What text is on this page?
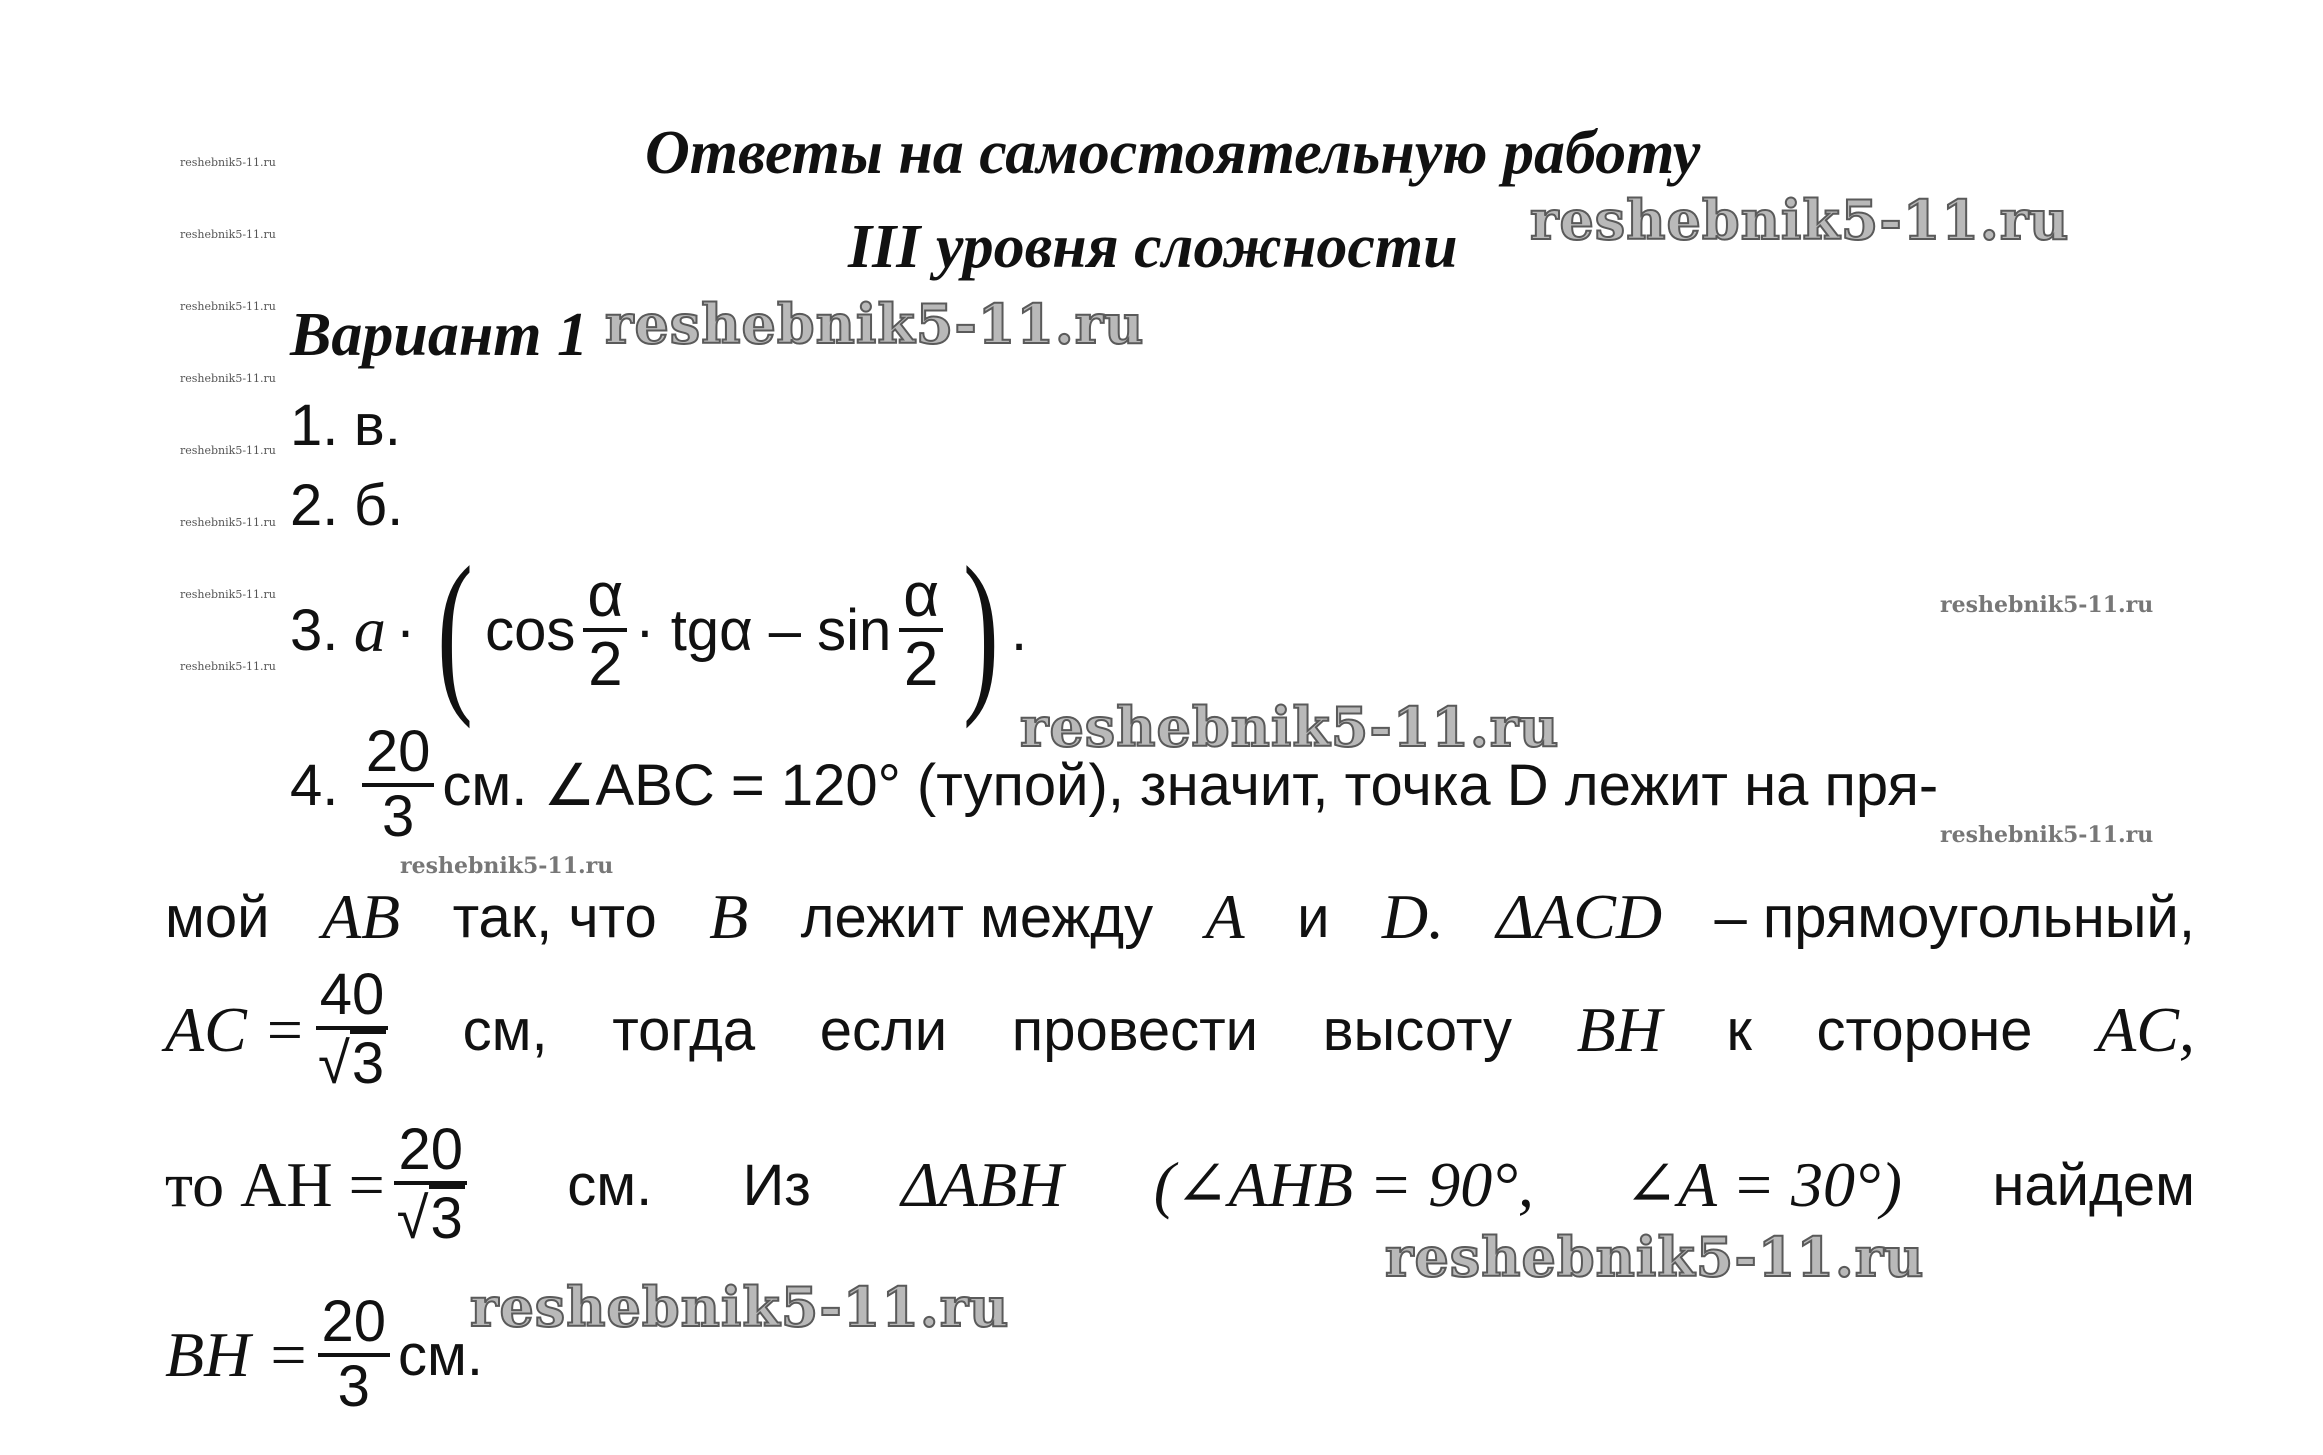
Ответы на самостоятельную работу
III уровня сложности
Вариант 1
1.
в.
2.
б.
3.
a · ( $\cos \frac{\alpha}{2} \cdot tg\alpha - \sin \frac{\alpha}{2}$ ) .
4.
$\frac{20}{3}$ см. ∠ABC = 120° (тупой), значит, точка D лежит на пря-
мой AB так, что B лежит между A и D. ΔACD – прямоугольный,
AC = $\frac{40}{√ 3}$ см, тогда если провести высоту BH к стороне AC,
то AH = $\frac{20}{√ 3}$ см. Из ΔABH (∠AHB = 90°, ∠A = 30°) найдем
BH = $\frac{20}{3}$ см.
reshebnik5-11.ru
reshebnik5-11.ru
reshebnik5-11.ru
reshebnik5-11.ru
reshebnik5-11.ru
reshebnik5-11.ru
reshebnik5-11.ru
reshebnik5-11.ru
reshebnik5-11.ru
reshebnik5-11.ru
reshebnik5-11.ru
reshebnik5-11.ru
reshebnik5-11.ru
reshebnik5-11.ru
reshebnik5-11.ru
reshebnik5-11.ru
